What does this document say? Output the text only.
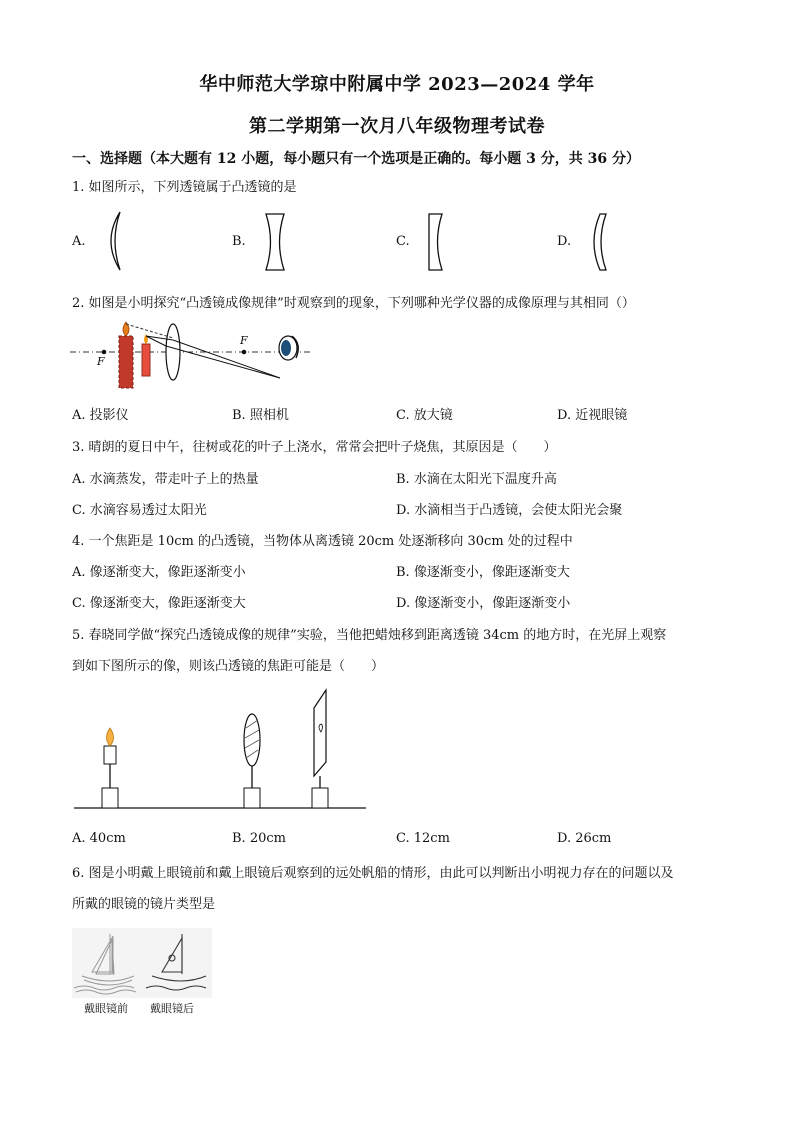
华中师范大学琼中附属中学 2023—2024 学年
第二学期第一次月八年级物理考试卷
一、选择题（本大题有 12 小题，每小题只有一个选项是正确的。每小题 3 分，共 36 分）
1. 如图所示，下列透镜属于凸透镜的是
A.	B.	C.	D.
2. 如图是小明探究“凸透镜成像规律”时观察到的现象，下列哪种光学仪器的成像原理与其相同（）
F
F
A. 投影仪	B. 照相机	C. 放大镜	D. 近视眼镜
3. 晴朗的夏日中午，往树或花的叶子上浇水，常常会把叶子烧焦，其原因是（　　）
A. 水滴蒸发，带走叶子上的热量	B. 水滴在太阳光下温度升高
C. 水滴容易透过太阳光	D. 水滴相当于凸透镜，会使太阳光会聚
4. 一个焦距是 10cm 的凸透镜，当物体从离透镜 20cm 处逐渐移向 30cm 处的过程中
A. 像逐渐变大，像距逐渐变小	B. 像逐渐变小，像距逐渐变大
C. 像逐渐变大，像距逐渐变大	D. 像逐渐变小，像距逐渐变小
5. 春晓同学做“探究凸透镜成像的规律”实验，当他把蜡烛移到距离透镜 34cm 的地方时，在光屏上观察
到如下图所示的像，则该凸透镜的焦距可能是（　　）
A. 40cm	B. 20cm	C. 12cm	D. 26cm
6. 图是小明戴上眼镜前和戴上眼镜后观察到的远处帆船的情形，由此可以判断出小明视力存在的问题以及
所戴的眼镜的镜片类型是
戴眼镜前 戴眼镜后
